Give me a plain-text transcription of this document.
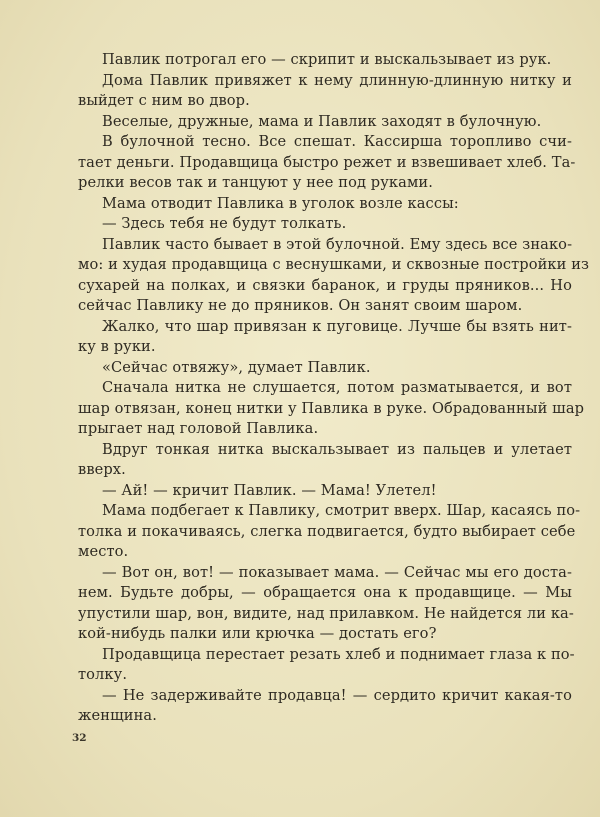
Павлик потрогал его — скрипит и выскальзывает из рук.
Дома Павлик привяжет к нему длинную-длинную нитку и
выйдет с ним во двор.
Веселые, дружные, мама и Павлик заходят в булочную.
В булочной тесно. Все спешат. Кассирша торопливо счи-
тает деньги. Продавщица быстро режет и взвешивает хлеб. Та-
релки весов так и танцуют у нее под руками.
Мама отводит Павлика в уголок возле кассы:
— Здесь тебя не будут толкать.
Павлик часто бывает в этой булочной. Ему здесь все знако-
мо: и худая продавщица с веснушками, и сквозные постройки из
сухарей на полках, и связки баранок, и груды пряников... Но
сейчас Павлику не до пряников. Он занят своим шаром.
Жалко, что шар привязан к пуговице. Лучше бы взять нит-
ку в руки.
«Сейчас отвяжу», думает Павлик.
Сначала нитка не слушается, потом разматывается, и вот
шар отвязан, конец нитки у Павлика в руке. Обрадованный шар
прыгает над головой Павлика.
Вдруг тонкая нитка выскальзывает из пальцев и улетает
вверх.
— Ай! — кричит Павлик. — Мама! Улетел!
Мама подбегает к Павлику, смотрит вверх. Шар, касаясь по-
толка и покачиваясь, слегка подвигается, будто выбирает себе
место.
— Вот он, вот! — показывает мама. — Сейчас мы его доста-
нем. Будьте добры, — обращается она к продавщице. — Мы
упустили шар, вон, видите, над прилавком. Не найдется ли ка-
кой-нибудь палки или крючка — достать его?
Продавщица перестает резать хлеб и поднимает глаза к по-
толку.
— Не задерживайте продавца! — сердито кричит какая-то
женщина.
32
